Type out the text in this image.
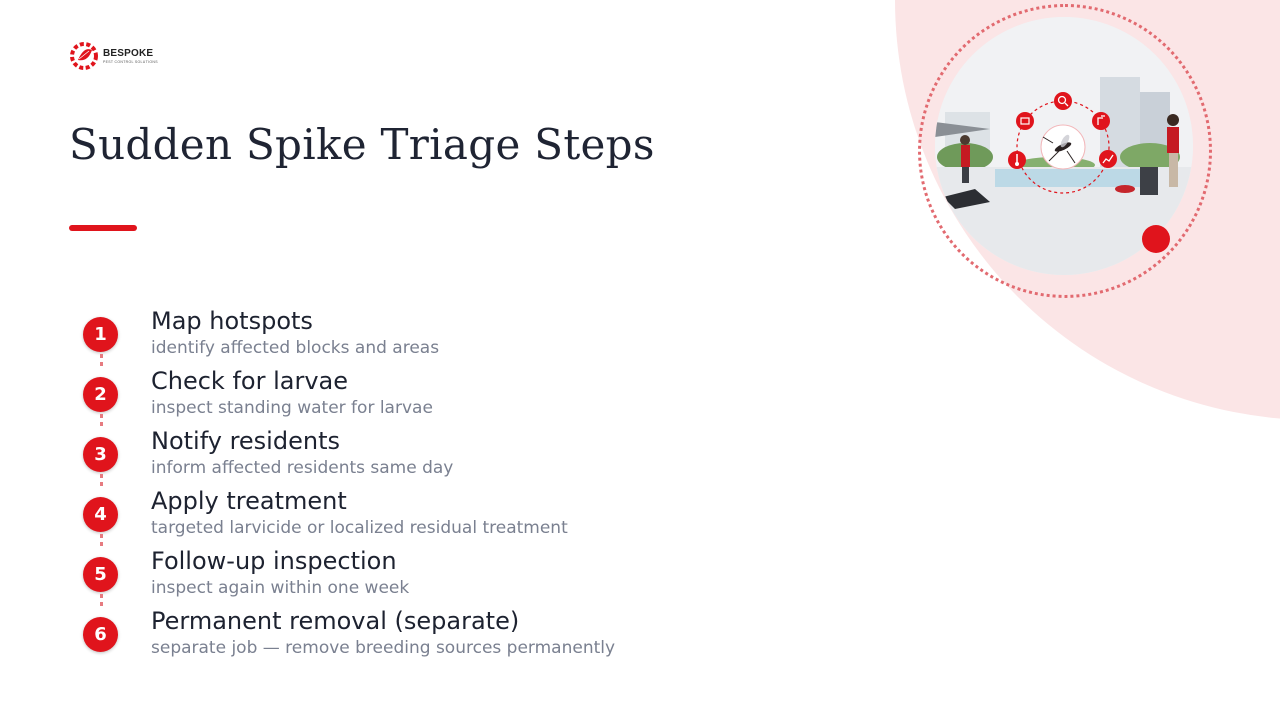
BESPOKE
PEST CONTROL SOLUTIONS
Sudden Spike Triage Steps
1	Map hotspots
identify affected blocks and areas
2	Check for larvae
inspect standing water for larvae
3	Notify residents
inform affected residents same day
4	Apply treatment
targeted larvicide or localized residual treatment
5	Follow-up inspection
inspect again within one week
6	Permanent removal (separate)
separate job — remove breeding sources permanently
